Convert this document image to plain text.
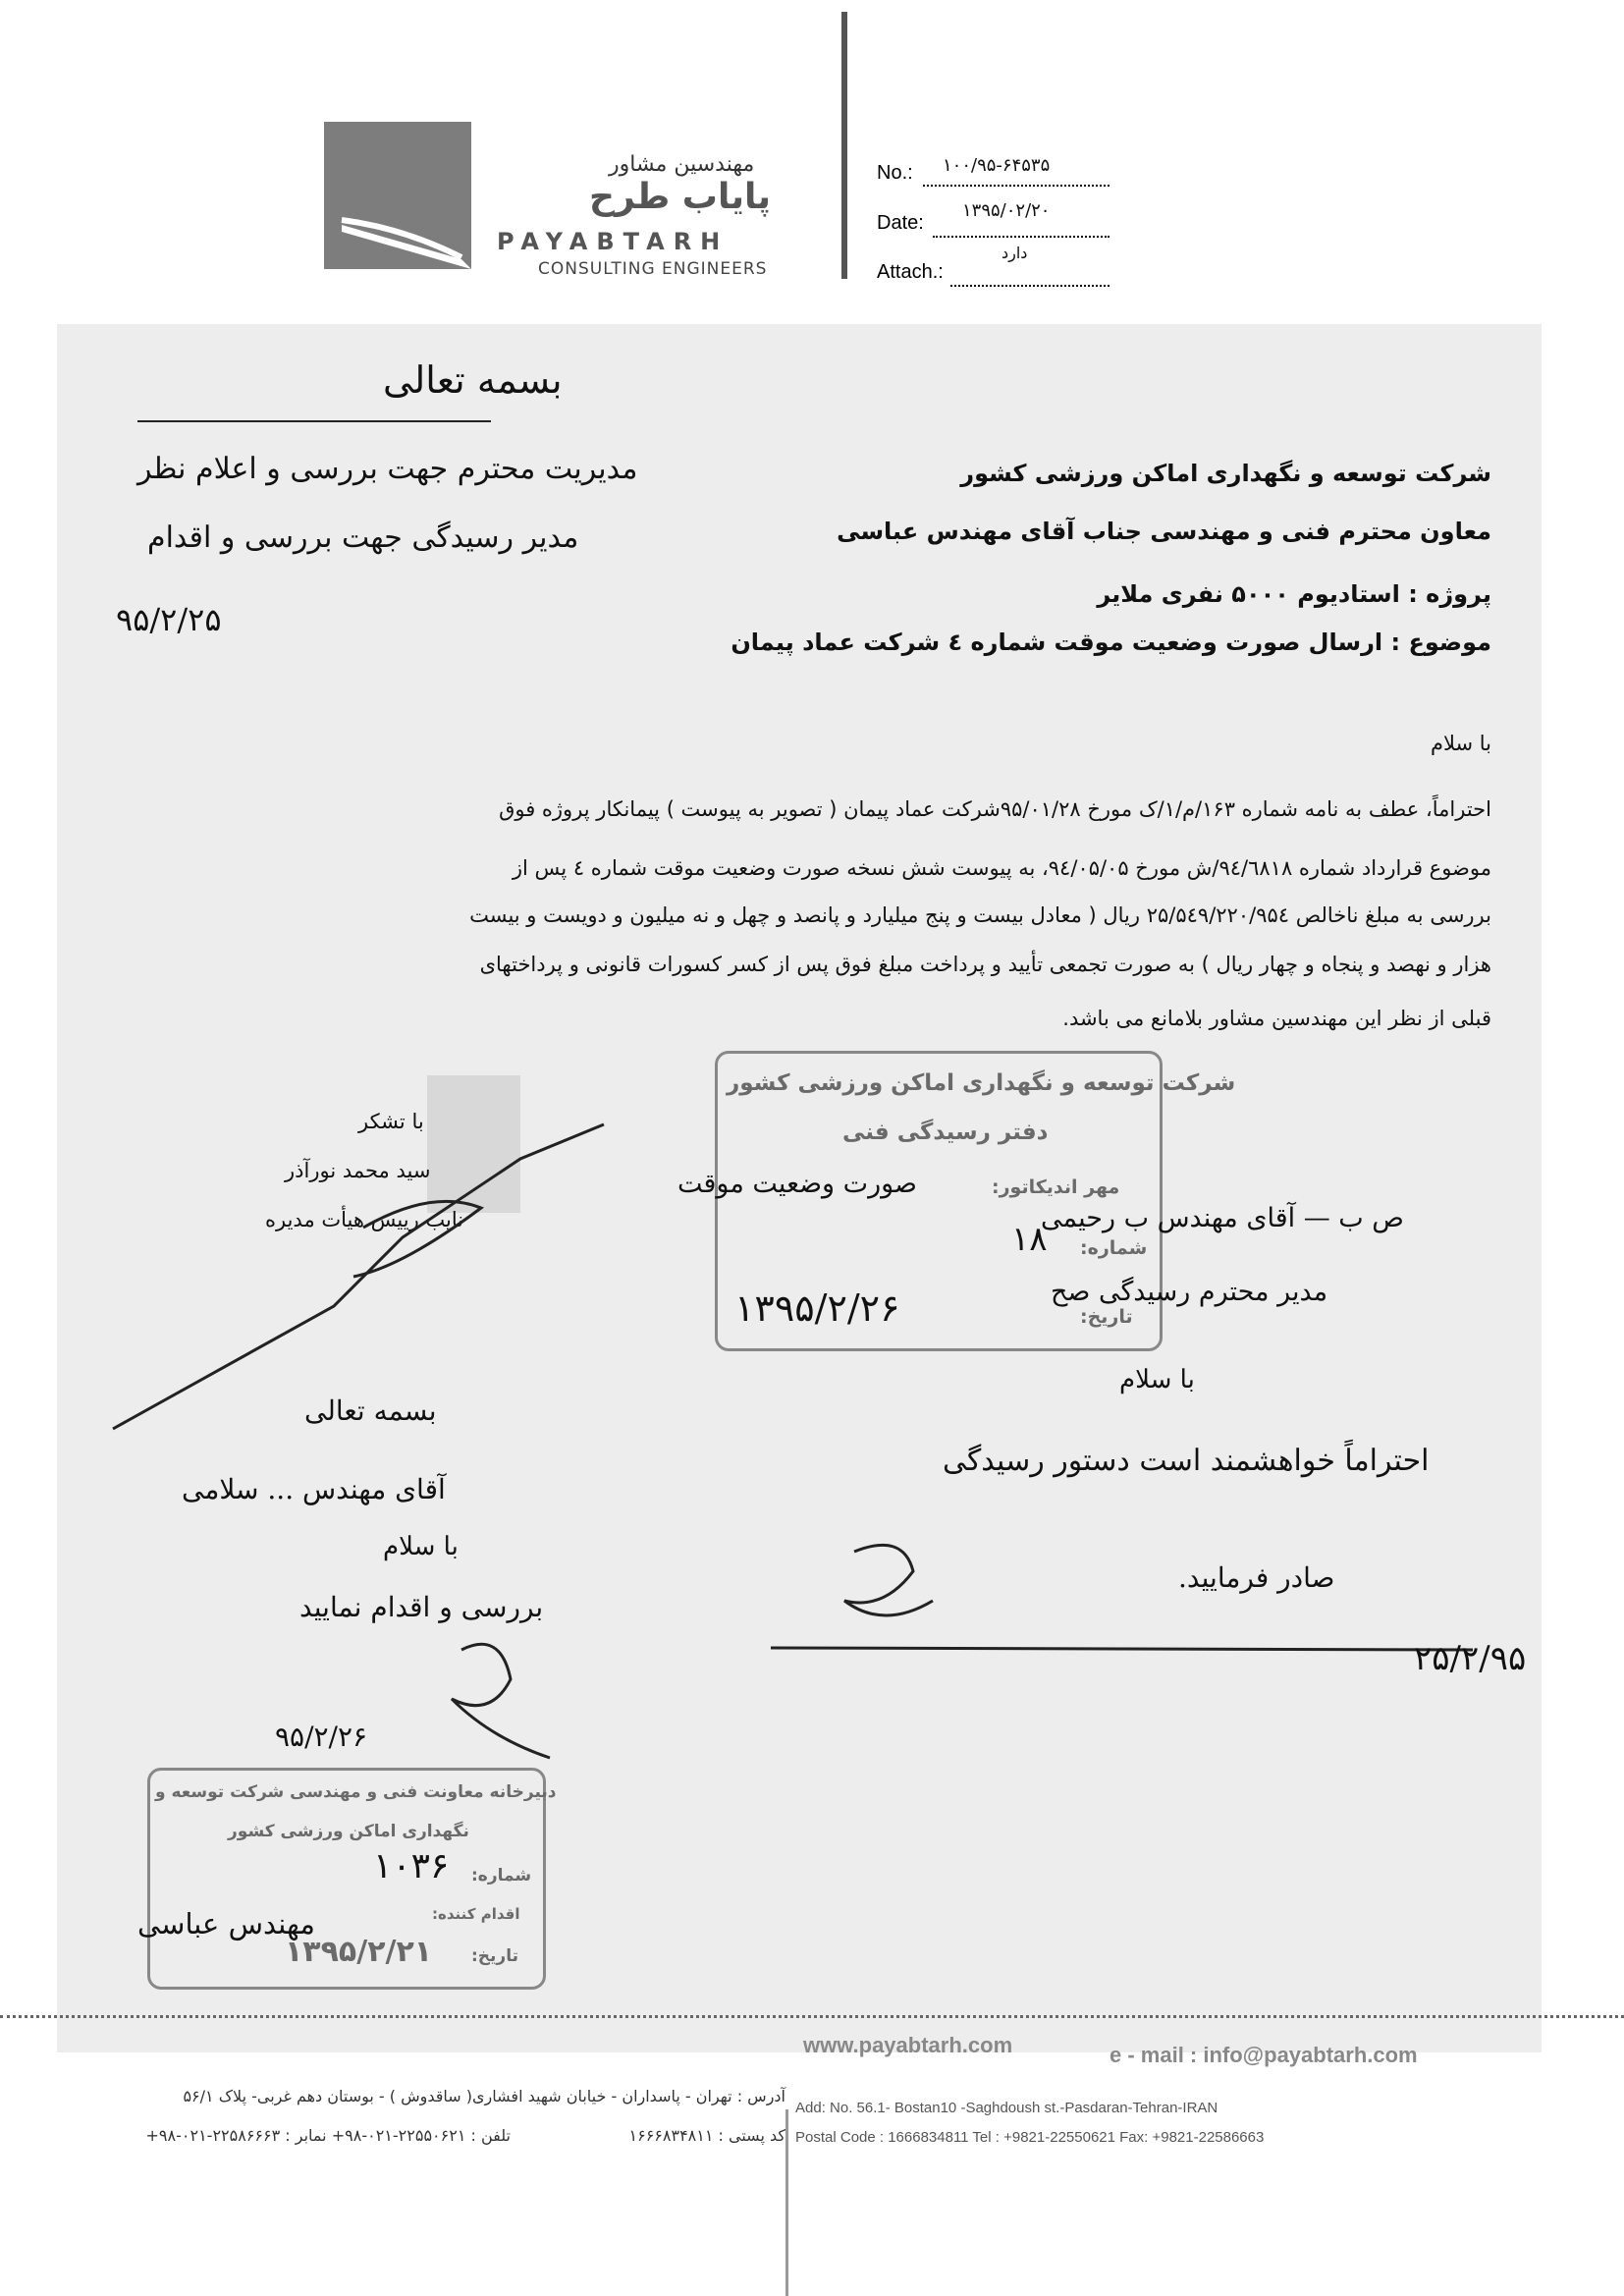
مهندسین مشاور
پایاب طرح
PAYABTARH
CONSULTING ENGINEERS
No.: ۱۰۰/۹۵-۶۴۵۳۵
Date:
۱۳۹۵/۰۲/۲۰
Attach.:
دارد
بسمه تعالی
مدیریت محترم جهت بررسی و اعلام نظر
مدیر رسیدگی جهت بررسی و اقدام
۹۵/۲/۲۵
شرکت توسعه و نگهداری اماکن ورزشی کشور
معاون محترم فنی و مهندسی جناب آقای مهندس عباسی
پروژه : استادیوم ۵۰۰۰ نفری ملایر
موضوع : ارسال صورت وضعیت موقت شماره ٤ شرکت عماد پیمان
با سلام
احتراماً، عطف به نامه شماره ۱۶۳/م/۱/ک مورخ ۹۵/۰۱/۲۸شرکت عماد پیمان ( تصویر به پیوست ) پیمانکار پروژه فوق
موضوع قرارداد شماره ۹٤/٦۸۱۸/ش مورخ ۹٤/۰۵/۰۵، به پیوست شش نسخه صورت وضعیت موقت شماره ٤ پس از
بررسی به مبلغ ناخالص ۲۵/۵٤۹/۲۲۰/۹۵٤ ریال ( معادل بیست و پنج میلیارد و پانصد و چهل و نه میلیون و دویست و بیست
هزار و نهصد و پنجاه و چهار ریال ) به صورت تجمعی تأیید و پرداخت مبلغ فوق پس از کسر کسورات قانونی و پرداختهای
قبلی از نظر این مهندسین مشاور بلامانع می باشد.
با تشکر
سید محمد نورآذر
نایب رییس هیأت مدیره
شرکت توسعه و نگهداری اماکن ورزشی کشور
دفتر رسیدگی فنی
مهر اندیکاتور:
صورت وضعیت موقت
شماره:
۱۸
تاریخ:
۱۳۹۵/۲/۲۶
ص ب — آقای مهندس ب رحیمی
مدیر محترم رسیدگی صح
با سلام
احتراماً خواهشمند است دستور رسیدگی
صادر فرمایید.
۲۵/۲/۹۵
بسمه تعالی
آقای مهندس ... سلامی
با سلام
بررسی و اقدام نمایید
۹۵/۲/۲۶
دبیرخانه معاونت فنی و مهندسی شرکت توسعه و
نگهداری اماکن ورزشی کشور
شماره:
۱۰۳۶
اقدام کننده:
مهندس عباسی
تاریخ:
۱۳۹۵/۲/۲۱
www.payabtarh.com	e - mail : info@payabtarh.com
آدرس : تهران - پاسداران - خیابان شهید افشاری( ساقدوش ) - بوستان دهم غربی- پلاک ۵۶/۱
تلفن : ۲۲۵۵۰۶۲۱-۰۲۱-۹۸+ نمابر : ۲۲۵۸۶۶۶۳-۰۲۱-۹۸+	کد پستی : ۱۶۶۶۸۳۴۸۱۱
Add: No. 56.1- Bostan10 -Saghdoush st.-Pasdaran-Tehran-IRAN
Postal Code : 1666834811 Tel : +9821-22550621 Fax: +9821-22586663
